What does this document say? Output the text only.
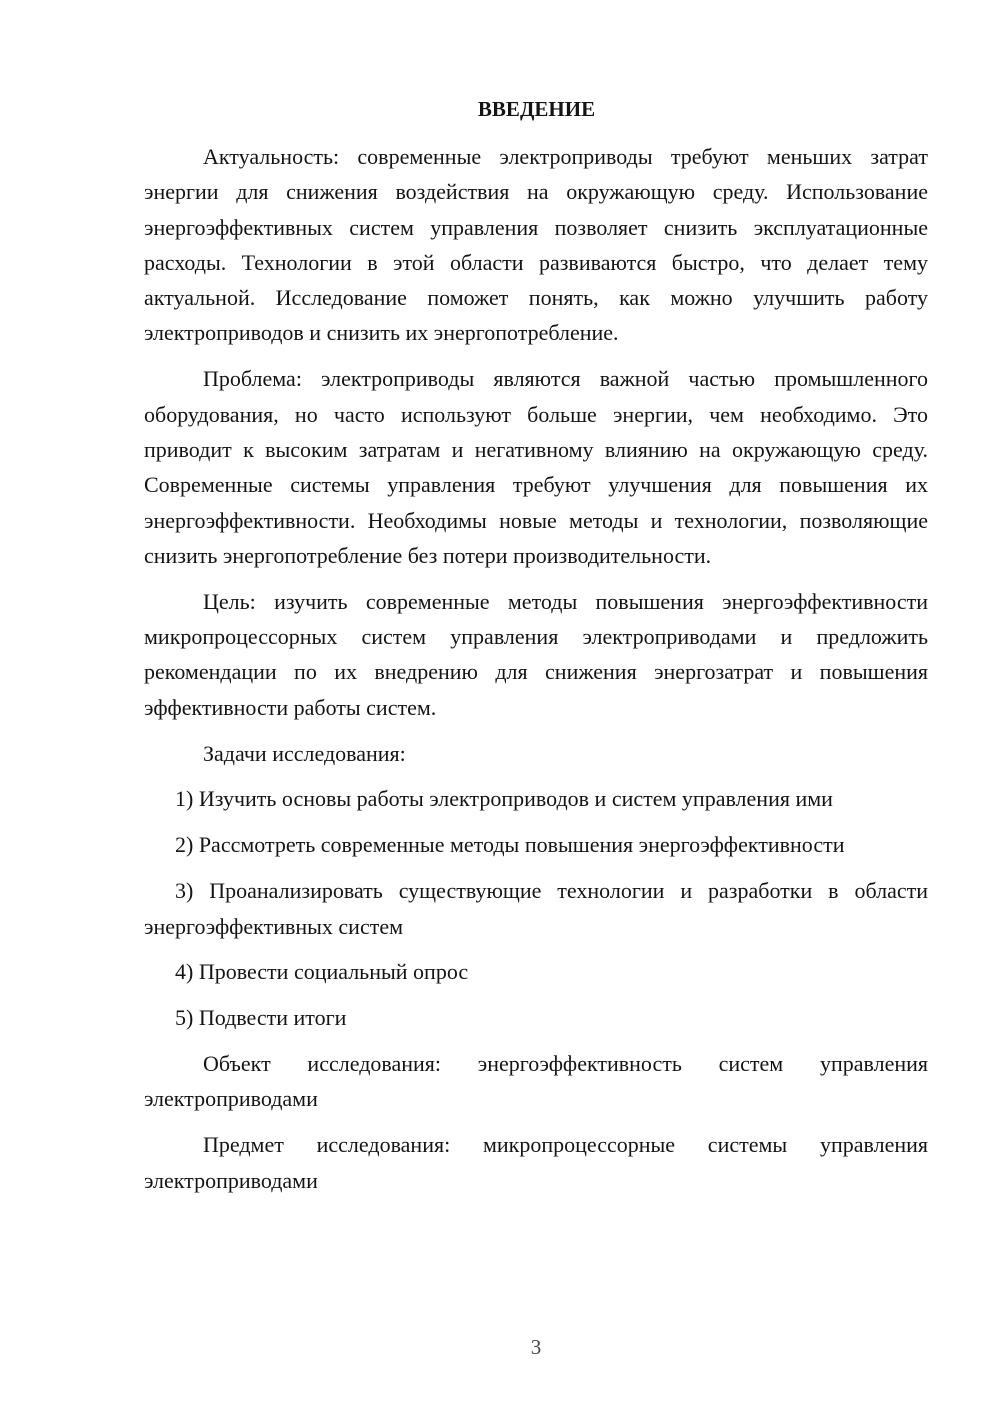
ВВЕДЕНИЕ

Актуальность: современные электроприводы требуют меньших затрат энергии для снижения воздействия на окружающую среду. Использование энергоэффективных систем управления позволяет снизить эксплуатационные расходы. Технологии в этой области развиваются быстро, что делает тему актуальной. Исследование поможет понять, как можно улучшить работу электроприводов и снизить их энергопотребление.

Проблема: электроприводы являются важной частью промышленного оборудования, но часто используют больше энергии, чем необходимо. Это приводит к высоким затратам и негативному влиянию на окружающую среду. Современные системы управления требуют улучшения для повышения их энергоэффективности. Необходимы новые методы и технологии, позволяющие снизить энергопотребление без потери производительности.

Цель: изучить современные методы повышения энергоэффективности микропроцессорных систем управления электроприводами и предложить рекомендации по их внедрению для снижения энергозатрат и повышения эффективности работы систем.

Задачи исследования:

1) Изучить основы работы электроприводов и систем управления ими

2) Рассмотреть современные методы повышения энергоэффективности

3) Проанализировать существующие технологии и разработки в области энергоэффективных систем

4) Провести социальный опрос

5) Подвести итоги

Объект исследования: энергоэффективность систем управления электроприводами

Предмет исследования: микропроцессорные системы управления электроприводами

3
